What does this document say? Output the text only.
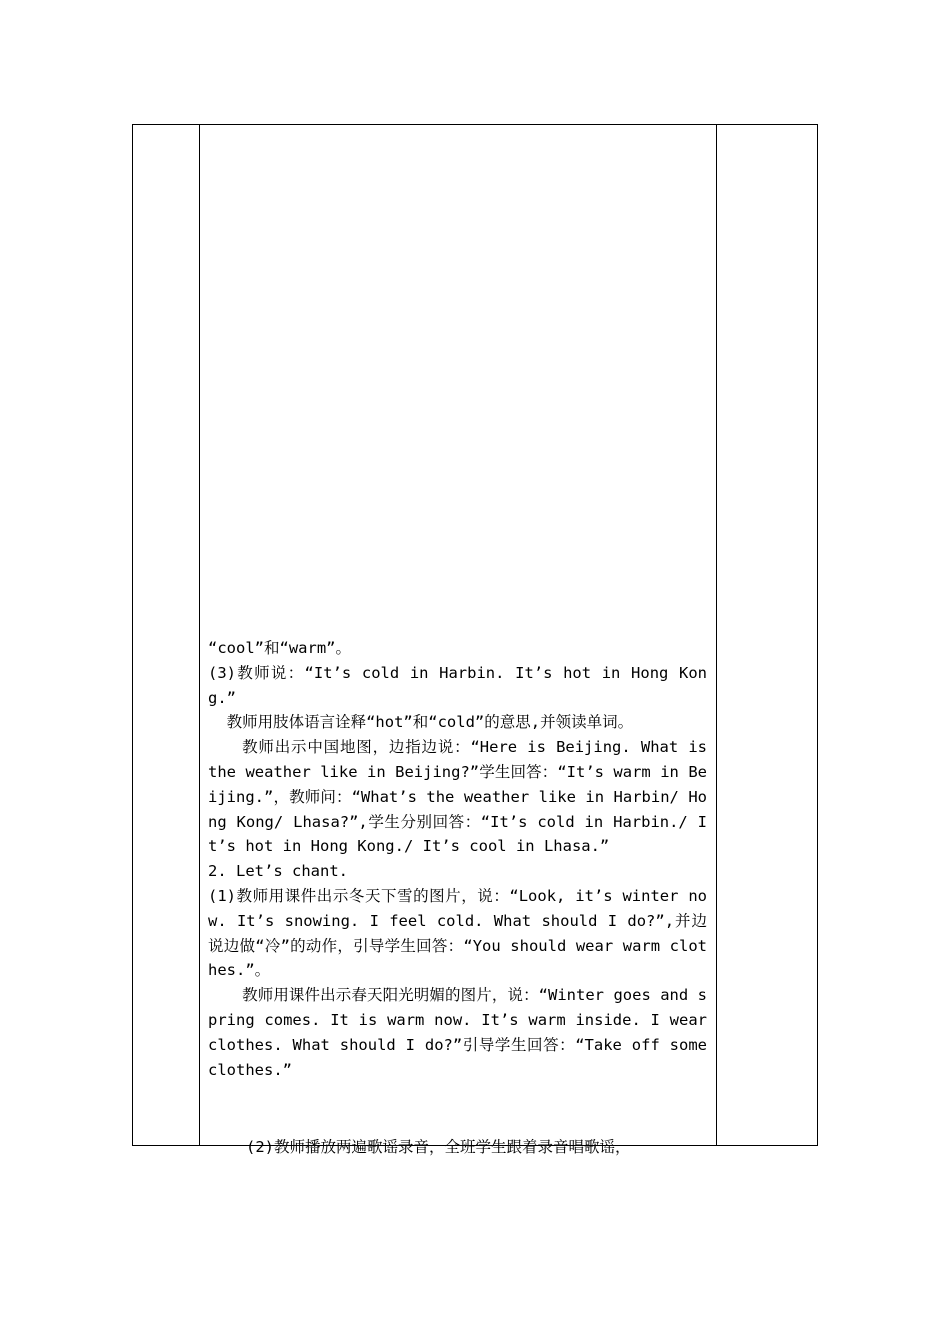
“cool”和“warm”。

(3)教师说：“It’s cold in Harbin. It’s hot in Hong Kong.”

教师用肢体语言诠释“hot”和“cold”的意思,并领读单词。

教师出示中国地图，边指边说：“Here is Beijing. What is the weather like in Beijing?”学生回答：“It’s warm in Beijing.”，教师问：“What’s the weather like in Harbin/ Hong Kong/ Lhasa?”,学生分别回答：“It’s cold in Harbin./ It’s hot in Hong Kong./ It’s cool in Lhasa.”

2. Let’s chant.

(1)教师用课件出示冬天下雪的图片，说：“Look, it’s winter now. It’s snowing. I feel cold. What should I do?”,并边说边做“冷”的动作，引导学生回答：“You should wear warm clothes.”。

教师用课件出示春天阳光明媚的图片，说：“Winter goes and spring comes. It is warm now. It’s warm inside. I wear clothes. What should I do?”引导学生回答：“Take off some clothes.”

(2)教师播放两遍歌谣录音，全班学生跟着录音唱歌谣，
